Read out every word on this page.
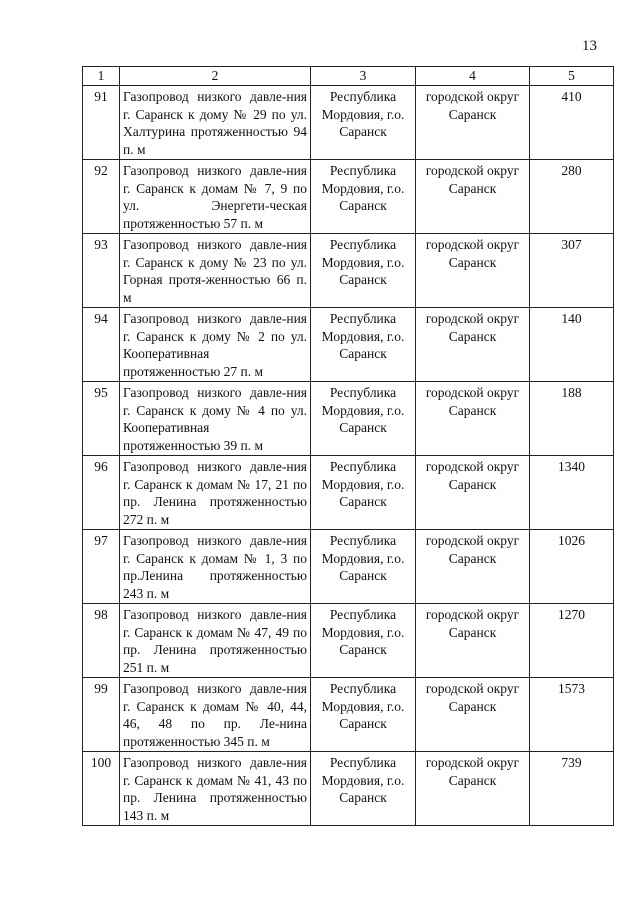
13
1	2	3	4	5
91	Газопровод низкого давле-ния г. Саранск к дому № 29 по ул. Халтурина протяженностью 94 п. м	Республика Мордовия, г.о. Саранск	городской округ Саранск	410
92	Газопровод низкого давле-ния г. Саранск к домам № 7, 9 по ул. Энергети-ческая протяженностью 57 п. м	Республика Мордовия, г.о. Саранск	городской округ Саранск	280
93	Газопровод низкого давле-ния г. Саранск к дому № 23 по ул. Горная протя-женностью 66 п. м	Республика Мордовия, г.о. Саранск	городской округ Саранск	307
94	Газопровод низкого давле-ния г. Саранск к дому № 2 по ул. Кооперативная протяженностью 27 п. м	Республика Мордовия, г.о. Саранск	городской округ Саранск	140
95	Газопровод низкого давле-ния г. Саранск к дому № 4 по ул. Кооперативная протяженностью 39 п. м	Республика Мордовия, г.о. Саранск	городской округ Саранск	188
96	Газопровод низкого давле-ния г. Саранск к домам № 17, 21 по пр. Ленина протяженностью 272 п. м	Республика Мордовия, г.о. Саранск	городской округ Саранск	1340
97	Газопровод низкого давле-ния г. Саранск к домам № 1, 3 по пр.Ленина протяженностью 243 п. м	Республика Мордовия, г.о. Саранск	городской округ Саранск	1026
98	Газопровод низкого давле-ния г. Саранск к домам № 47, 49 по пр. Ленина протяженностью 251 п. м	Республика Мордовия, г.о. Саранск	городской округ Саранск	1270
99	Газопровод низкого давле-ния г. Саранск к домам № 40, 44, 46, 48 по пр. Ле-нина протяженностью 345 п. м	Республика Мордовия, г.о. Саранск	городской округ Саранск	1573
100	Газопровод низкого давле-ния г. Саранск к домам № 41, 43 по пр. Ленина протяженностью 143 п. м	Республика Мордовия, г.о. Саранск	городской округ Саранск	739
